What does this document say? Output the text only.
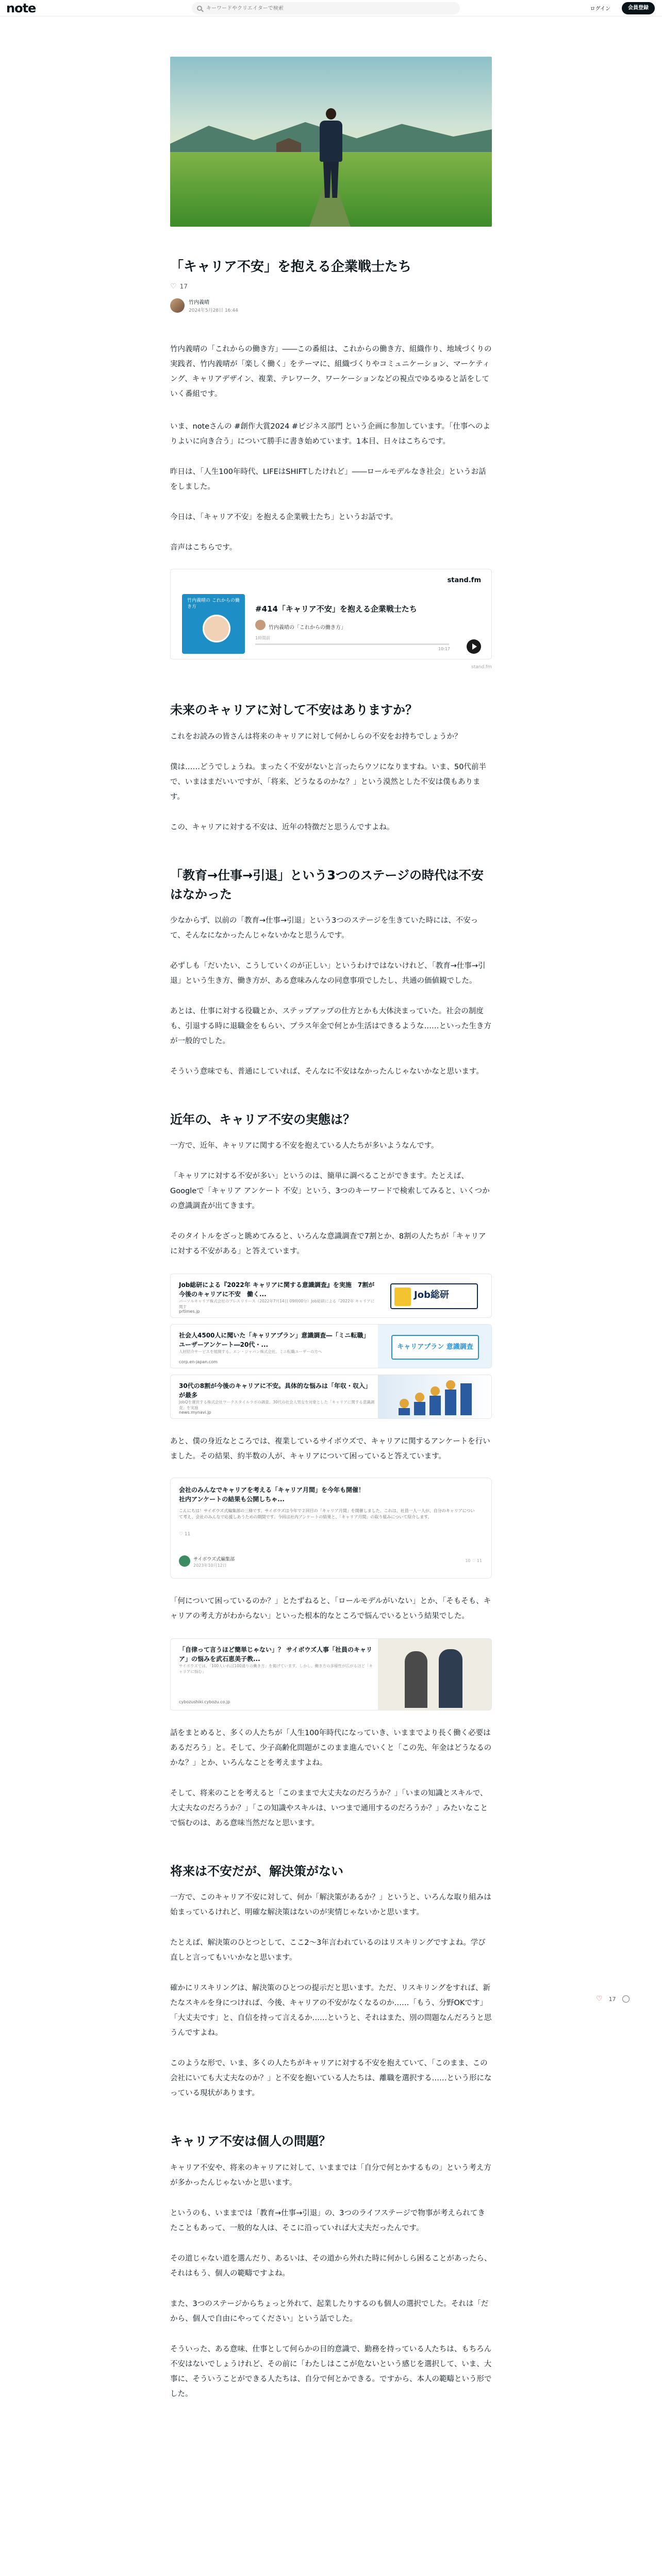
note
キーワードやクリエイターで検索	ログイン	会員登録
「キャリア不安」を抱える企業戦士たち
♡ 17
竹内義晴
2024年5月28日 16:44

竹内義晴の「これからの働き方」――この番組は、これからの働き方、組織作り、地域づくりの実践者、竹内義晴が「楽しく働く」をテーマに、組織づくりやコミュニケーション、マーケティング、キャリアデザイン、複業、テレワーク、ワーケーションなどの視点でゆるゆると話をしていく番組です。

いま、noteさんの #創作大賞2024 #ビジネス部門 という企画に参加しています。「仕事へのよりよいに向き合う」について勝手に書き始めています。1本目、日々はこちらです。

昨日は、「人生100年時代、LIFEはSHIFTしたけれど」――ロールモデルなき社会」というお話をしました。

今日は、「キャリア不安」を抱える企業戦士たち」というお話です。

音声はこちらです。

stand.fm
竹内義晴の これからの働き方	#414「キャリア不安」を抱える企業戦士たち
竹内義晴の「これからの働き方」
1時間前
10:17
stand.fm
未来のキャリアに対して不安はありますか？

これをお読みの皆さんは将来のキャリアに対して何かしらの不安をお持ちでしょうか？

僕は……どうでしょうね。まったく不安がないと言ったらウソになりますね。いま、50代前半で、いまはまだいいですが、「将来、どうなるのかな？」という漠然とした不安は僕もあります。

この、キャリアに対する不安は、近年の特徴だと思うんですよね。

「教育→仕事→引退」という3つのステージの時代は不安はなかった

少なからず、以前の「教育→仕事→引退」という3つのステージを生きていた時には、不安って、そんなになかったんじゃないかなと思うんです。

必ずしも「だいたい、こうしていくのが正しい」というわけではないけれど、「教育→仕事→引退」という生き方、働き方が、ある意味みんなの同意事項でしたし、共通の価値観でした。

あとは、仕事に対する役職とか、ステップアップの仕方とかも大体決まっていた。社会の制度も、引退する時に退職金をもらい、プラス年金で何とか生活はできるような……といった生き方が一般的でした。

そういう意味でも、普通にしていれば、そんなに不安はなかったんじゃないかなと思います。

近年の、キャリア不安の実態は？

一方で、近年、キャリアに関する不安を抱えている人たちが多いようなんです。

「キャリアに対する不安が多い」というのは、簡単に調べることができます。たとえば、Googleで「キャリア アンケート 不安」という、3つのキーワードで検索してみると、いくつかの意識調査が出てきます。

そのタイトルをざっと眺めてみると、いろんな意識調査で7割とか、8割の人たちが「キャリアに対する不安がある」と答えています。

Job総研による『2022年 キャリアに関する意識調査』を実施　7割が今後のキャリアに不安　働く...
パーソルキャリア株式会社のプレスリリース（2022年7月14日 09時00分）Job総研による『2022年 キャリアに関す
prtimes.jp
Job総研
社会人4500人に聞いた「キャリアプラン」意識調査―「ミニ転職」ユーザーアンケート―20代・...
人材紹介サービスを展開する、エン・ジャパン株式会社。ミニ転職ユーザーの方へ
corp.en-japan.com
キャリアプラン 意識調査
30代の8割が今後のキャリアに不安。具体的な悩みは「年収・収入」が最多
JobQを運営する株式会社ワークスタイルラボの調査。30代の社会人男女を対象とした「キャリアに関する意識調査」を実施
news.mynavi.jp

あと、僕の身近なところでは、複業しているサイボウズで、キャリアに関するアンケートを行いました。その結果、約半数の人が、キャリアについて困っていると答えています。

会社のみんなでキャリアを考える「キャリア月間」を今年も開催！社内アンケートの結果も公開しちゃ...
こんにちは！サイボウズ式編集部の三條です。サイボウズは今年で２回目の「キャリア月間」を開催しました。これは、社員一人一人が、自分のキャリアについて考え、会社のみんなで応援しあうための期間です。今回は社内アンケートの結果と、「キャリア月間」の取り組みについて紹介します。
♡ 11
サイボウズ式編集部
2023年10月12日
10 ♡ 11

「何について困っているのか？」とたずねると、「ロールモデルがいない」とか、「そもそも、キャリアの考え方がわからない」といった根本的なところで悩んでいるという結果でした。

「自律って言うほど簡単じゃない」？ サイボウズ人事「社員のキャリア」の悩みを武石恵美子教...
サイボウズでは、「100人いれば100通りの働き方」を掲げています。しかし、働き方の多様性が広がるほど「キャリアに悩む」
cybozushiki.cybozu.co.jp

話をまとめると、多くの人たちが「人生100年時代になっていき、いままでより長く働く必要はあるだろう」と。そして、少子高齢化問題がこのまま進んでいくと「この先、年金はどうなるのかな？」とか、いろんなことを考えますよね。

そして、将来のことを考えると「このままで大丈夫なのだろうか？」「いまの知識とスキルで、大丈夫なのだろうか？」「この知識やスキルは、いつまで通用するのだろうか？」みたいなことで悩むのは、ある意味当然だなと思います。

将来は不安だが、解決策がない

一方で、このキャリア不安に対して、何か「解決策があるか？」というと、いろんな取り組みは始まっているけれど、明確な解決策はないのが実情じゃないかと思います。

たとえば、解決策のひとつとして、ここ2〜3年言われているのはリスキリングですよね。学び直しと言ってもいいかなと思います。

確かにリスキリングは、解決策のひとつの提示だと思います。ただ、リスキリングをすれば、新たなスキルを身につければ、今後、キャリアの不安がなくなるのか……「もう、分野OKです」「大丈夫です」と、自信を持って言えるか……というと、それはまた、別の問題なんだろうと思うんですよね。

このような形で、いま、多くの人たちがキャリアに対する不安を抱えていて、「このまま、この会社にいても大丈夫なのか？」と不安を抱いている人たちは、離職を選択する……という形になっている現状があります。

キャリア不安は個人の問題？

キャリア不安や、将来のキャリアに対して、いままでは「自分で何とかするもの」という考え方が多かったんじゃないかと思います。

というのも、いままでは「教育→仕事→引退」の、3つのライフステージで物事が考えられてきたこともあって、一般的な人は、そこに沿っていれば大丈夫だったんです。

その道じゃない道を選んだり、あるいは、その道から外れた時に何かしら困ることがあったら、それはもう、個人の範疇ですよね。

また、3つのステージからちょっと外れて、起業したりするのも個人の選択でした。それは「だから、個人で自由にやってください」という話でした。

そういった、ある意味、仕事として何らかの目的意識で、勤務を持っている人たちは、もちろん不安はないでしょうけれど、その前に「わたしはここが危ないという感じを選択して、いま、大事に、そういうことができる人たちは、自分で何とかできる。ですから、本人の範疇という形でした。

♡ 17
